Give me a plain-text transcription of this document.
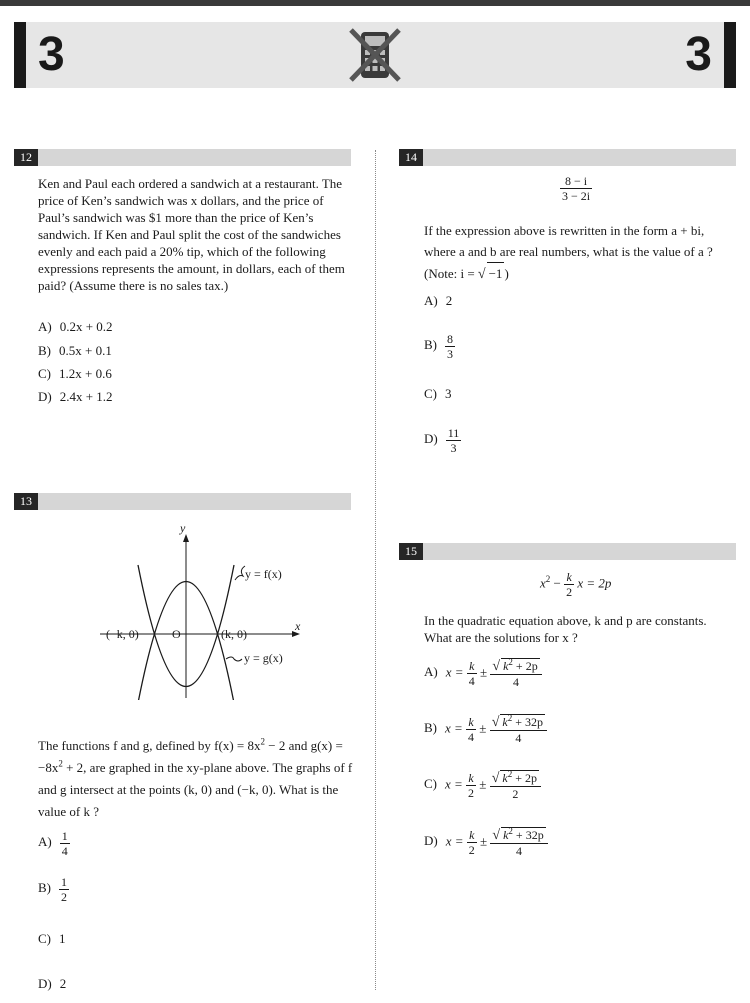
3	3
12
Ken and Paul each ordered a sandwich at a restaurant. The price of Ken’s sandwich was x dollars, and the price of Paul’s sandwich was $1 more than the price of Ken’s sandwich. If Ken and Paul split the cost of the sandwiches evenly and each paid a 20% tip, which of the following expressions represents the amount, in dollars, each of them paid? (Assume there is no sales tax.)
A) 0.2x + 0.2
B) 0.5x + 0.1
C) 1.2x + 0.6
D) 2.4x + 1.2
13
y
x
O
(−k, 0)	(k, 0)
y = f(x)
y = g(x)
The functions f and g, defined by $f(x) = 8x^2 - 2$ and $g(x) = -8x^2 + 2$, are graphed in the xy-plane above. The graphs of f and g intersect at the points (k, 0) and (−k, 0). What is the value of k ?
$A) \frac{1}{4}$
$B) \frac{1}{2}$
C) 1
D) 2
14
$\frac{8 - i}{3 - 2i}$
If the expression above is rewritten in the form a + bi, where a and b are real numbers, what is the value of a ? (Note: i = √ −1 )
A) 2
$B) \frac{8}{3}$
C) 3
$D) \frac{11}{3}$
15
$x^2 - \frac{k}{2}$ x = 2p
In the quadratic equation above, k and p are constants. What are the solutions for x ?
A) $x = \frac{k}{4} \pm \frac{√ k^2 + 2p}{4}$
B) $x = \frac{k}{4} \pm \frac{√ k^2 + 32p}{4}$
C) $x = \frac{k}{2} \pm \frac{√ k^2 + 2p}{2}$
D) $x = \frac{k}{2} \pm \frac{√ k^2 + 32p}{4}$
